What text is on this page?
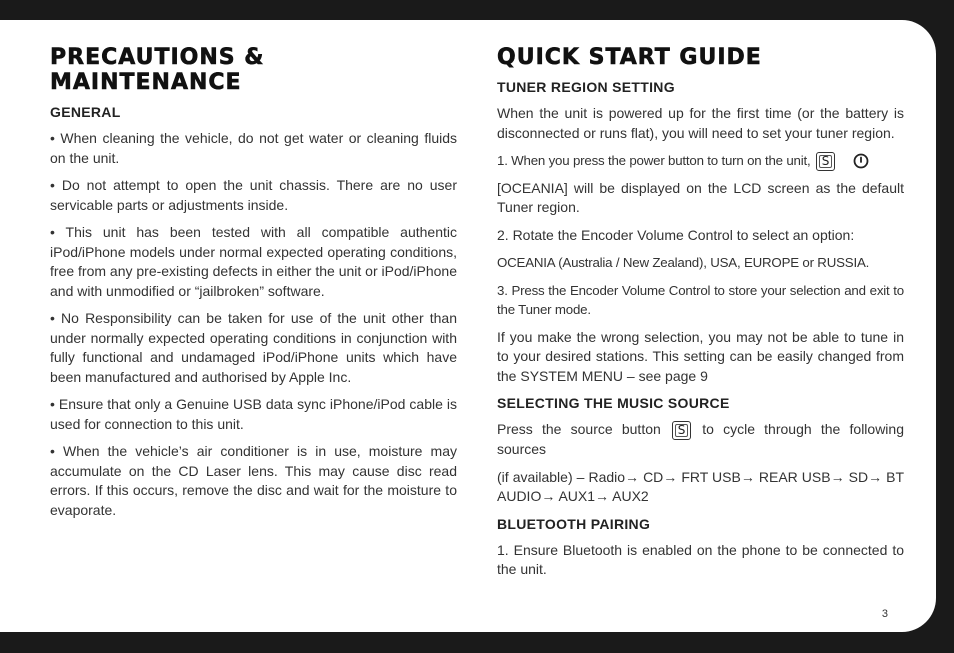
PRECAUTIONS & MAINTENANCE
GENERAL

• When cleaning the vehicle, do not get water or cleaning fluids on the unit.

• Do not attempt to open the unit chassis. There are no user servicable parts or adjustments inside.

• This unit has been tested with all compatible authentic iPod/iPhone models under normal expected operating conditions, free from any pre-existing defects in either the unit or iPod/iPhone and with unmodified or “jailbroken” software.

• No Responsibility can be taken for use of the unit other than under normally expected operating conditions in conjunction with fully functional and undamaged iPod/iPhone units which have been manufactured and authorised by Apple Inc.

• Ensure that only a Genuine USB data sync iPhone/iPod cable is used for connection to this unit.

• When the vehicle’s air conditioner is in use, moisture may accumulate on the CD Laser lens. This may cause disc read errors. If this occurs, remove the disc and wait for the moisture to evaporate.

QUICK START GUIDE
TUNER REGION SETTING

When the unit is powered up for the first time (or the battery is disconnected or runs flat), you will need to set your tuner region.

1. When you press the power button to turn on the unit, S

[OCEANIA] will be displayed on the LCD screen as the default Tuner region.

2. Rotate the Encoder Volume Control to select an option:

OCEANIA (Australia / New Zealand), USA, EUROPE or RUSSIA.

3. Press the Encoder Volume Control to store your selection and exit to the Tuner mode.

If you make the wrong selection, you may not be able to tune in to your desired stations. This setting can be easily changed from the SYSTEM MENU – see page 9

SELECTING THE MUSIC SOURCE

Press the source button	S	to cycle through the following sources

(if available) – Radio→ CD→ FRT USB→ REAR USB→ SD→ BT AUDIO→ AUX1→ AUX2

BLUETOOTH PAIRING

1. Ensure Bluetooth is enabled on the phone to be connected to the unit.

3
